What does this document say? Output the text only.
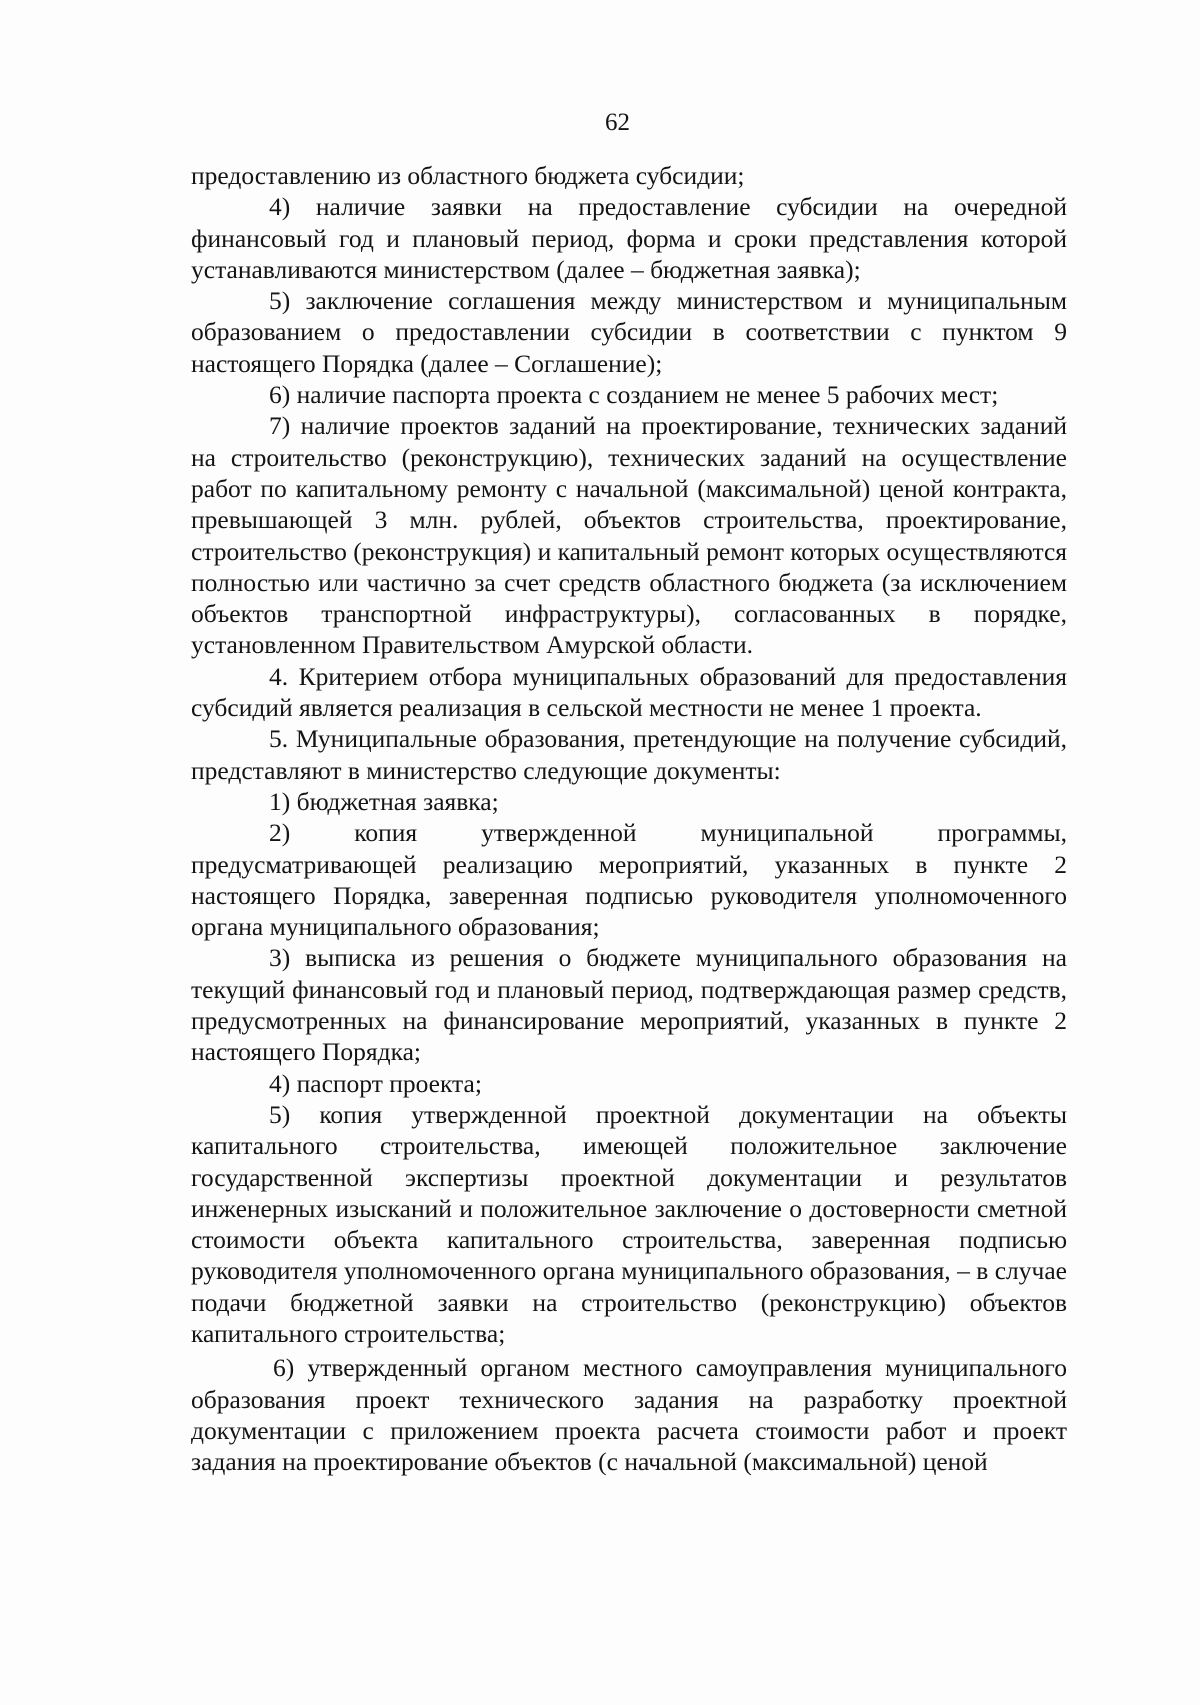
62

предоставлению из областного бюджета субсидии;

4) наличие заявки на предоставление субсидии на очередной финансовый год и плановый период, форма и сроки представления которой устанавливаются министерством (далее – бюджетная заявка);

5) заключение соглашения между министерством и муниципальным образованием о предоставлении субсидии в соответствии с пунктом 9 настоящего Порядка (далее – Соглашение);

6) наличие паспорта проекта с созданием не менее 5 рабочих мест;

7) наличие проектов заданий на проектирование, технических заданий на строительство (реконструкцию), технических заданий на осуществление работ по капитальному ремонту с начальной (максимальной) ценой контракта, превышающей 3 млн. рублей, объектов строительства, проектирование, строительство (реконструкция) и капитальный ремонт которых осуществляются полностью или частично за счет средств областного бюджета (за исключением объектов транспортной инфраструктуры), согласованных в порядке, установленном Правительством Амурской области.

4. Критерием отбора муниципальных образований для предоставления субсидий является реализация в сельской местности не менее 1 проекта.

5. Муниципальные образования, претендующие на получение субсидий, представляют в министерство следующие документы:

1) бюджетная заявка;

2) копия утвержденной муниципальной программы, предусматривающей реализацию мероприятий, указанных в пункте 2 настоящего Порядка, заверенная подписью руководителя уполномоченного органа муниципального образования;

3) выписка из решения о бюджете муниципального образования на текущий финансовый год и плановый период, подтверждающая размер средств, предусмотренных на финансирование мероприятий, указанных в пункте 2 настоящего Порядка;

4) паспорт проекта;

5) копия утвержденной проектной документации на объекты капитального строительства, имеющей положительное заключение государственной экспертизы проектной документации и результатов инженерных изысканий и положительное заключение о достоверности сметной стоимости объекта капитального строительства, заверенная подписью руководителя уполномоченного органа муниципального образования, – в случае подачи бюджетной заявки на строительство (реконструкцию) объектов капитального строительства;

6) утвержденный органом местного самоуправления муниципального образования проект технического задания на разработку проектной документации с приложением проекта расчета стоимости работ и проект задания на проектирование объектов (с начальной (максимальной) ценой
